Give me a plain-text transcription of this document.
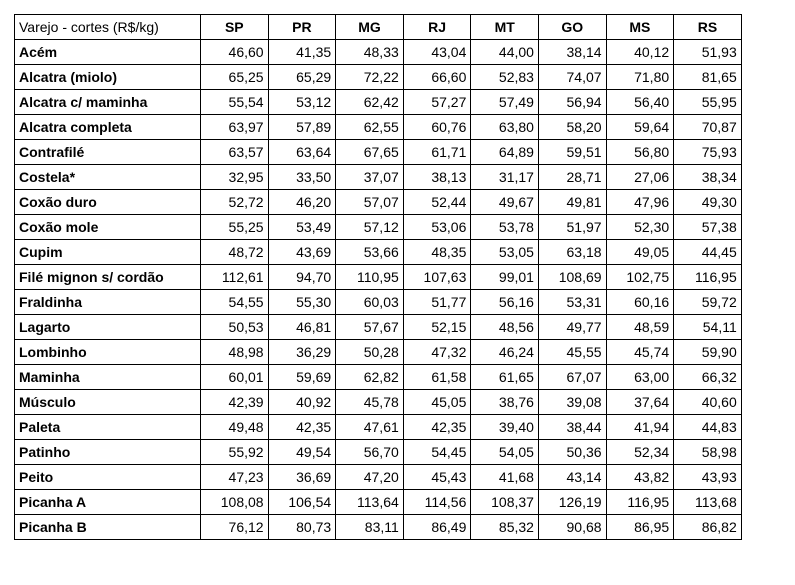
Varejo - cortes (R$/kg)	SP	PR	MG	RJ	MT	GO	MS	RS
Acém	46,60	41,35	48,33	43,04	44,00	38,14	40,12	51,93
Alcatra (miolo)	65,25	65,29	72,22	66,60	52,83	74,07	71,80	81,65
Alcatra c/ maminha	55,54	53,12	62,42	57,27	57,49	56,94	56,40	55,95
Alcatra completa	63,97	57,89	62,55	60,76	63,80	58,20	59,64	70,87
Contrafilé	63,57	63,64	67,65	61,71	64,89	59,51	56,80	75,93
Costela*	32,95	33,50	37,07	38,13	31,17	28,71	27,06	38,34
Coxão duro	52,72	46,20	57,07	52,44	49,67	49,81	47,96	49,30
Coxão mole	55,25	53,49	57,12	53,06	53,78	51,97	52,30	57,38
Cupim	48,72	43,69	53,66	48,35	53,05	63,18	49,05	44,45
Filé mignon s/ cordão	112,61	94,70	110,95	107,63	99,01	108,69	102,75	116,95
Fraldinha	54,55	55,30	60,03	51,77	56,16	53,31	60,16	59,72
Lagarto	50,53	46,81	57,67	52,15	48,56	49,77	48,59	54,11
Lombinho	48,98	36,29	50,28	47,32	46,24	45,55	45,74	59,90
Maminha	60,01	59,69	62,82	61,58	61,65	67,07	63,00	66,32
Músculo	42,39	40,92	45,78	45,05	38,76	39,08	37,64	40,60
Paleta	49,48	42,35	47,61	42,35	39,40	38,44	41,94	44,83
Patinho	55,92	49,54	56,70	54,45	54,05	50,36	52,34	58,98
Peito	47,23	36,69	47,20	45,43	41,68	43,14	43,82	43,93
Picanha A	108,08	106,54	113,64	114,56	108,37	126,19	116,95	113,68
Picanha B	76,12	80,73	83,11	86,49	85,32	90,68	86,95	86,82
